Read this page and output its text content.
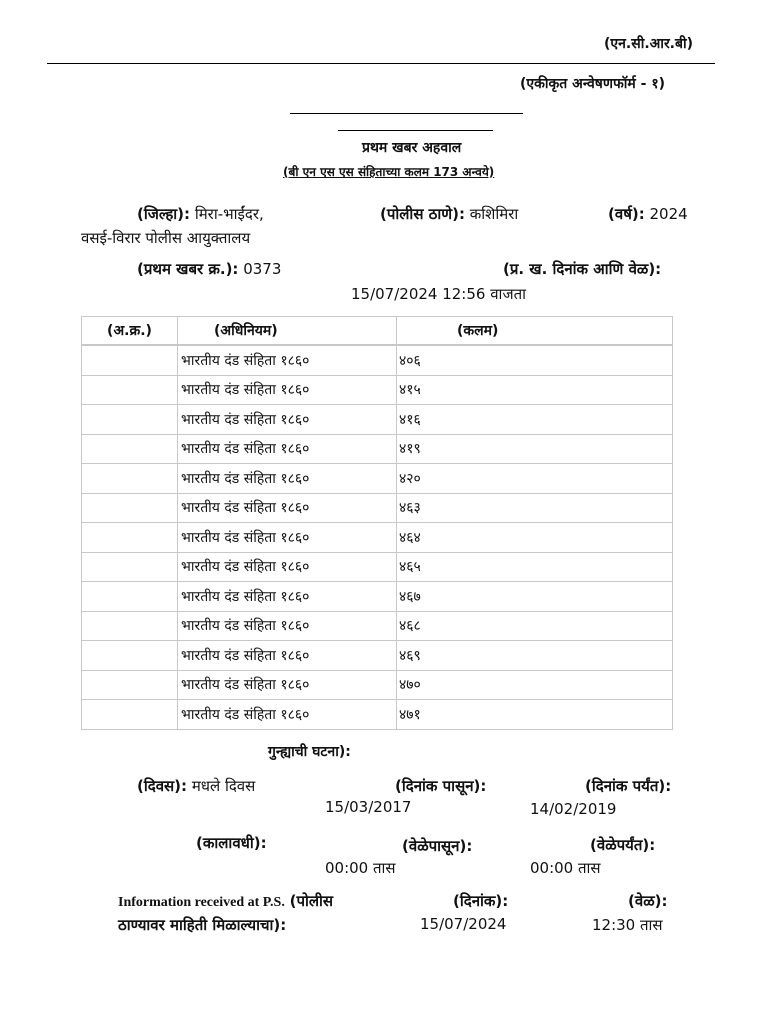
(एन.सी.आर.बी)
(एकीकृत अन्वेषणफॉर्म - १)
प्रथम खबर अहवाल
(बी एन एस एस संहिताच्या कलम 173 अन्वये)
(जिल्हा): मिरा-भाईंदर,
वसई-विरार पोलीस आयुक्तालय
(पोलीस ठाणे): कशिमिरा	(वर्ष): 2024
(प्रथम खबर क्र.): 0373	(प्र. ख. दिनांक आणि वेळ):
15/07/2024 12:56 वाजता
(अ.क्र.)	(अधिनियम)	(कलम)
	भारतीय दंड संहिता १८६०	४०६
	भारतीय दंड संहिता १८६०	४१५
	भारतीय दंड संहिता १८६०	४१६
	भारतीय दंड संहिता १८६०	४१९
	भारतीय दंड संहिता १८६०	४२०
	भारतीय दंड संहिता १८६०	४६३
	भारतीय दंड संहिता १८६०	४६४
	भारतीय दंड संहिता १८६०	४६५
	भारतीय दंड संहिता १८६०	४६७
	भारतीय दंड संहिता १८६०	४६८
	भारतीय दंड संहिता १८६०	४६९
	भारतीय दंड संहिता १८६०	४७०
	भारतीय दंड संहिता १८६०	४७१
गुन्ह्याची घटना):
(दिवस): मधले दिवस	(दिनांक पासून):
15/03/2017
(दिनांक पर्यंत):
14/02/2019
(कालावधी):	(वेळेपासून):
00:00 तास
(वेळेपर्यंत):
00:00 तास
Information received at P.S. (पोलीस
ठाण्यावर माहिती मिळाल्याचा):
(दिनांक):
15/07/2024
(वेळ):
12:30 तास
